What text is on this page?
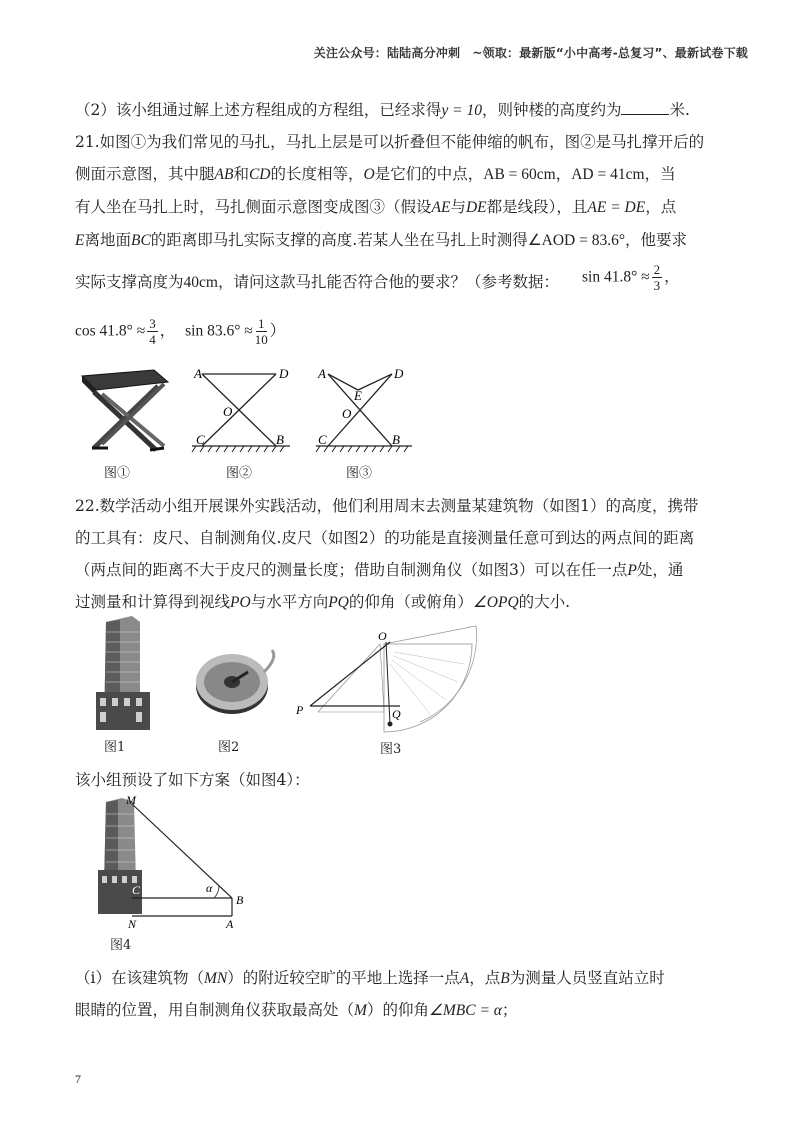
关注公众号：陆陆高分冲刺　~领取：最新版“小中高考-总复习”、最新试卷下载
（2）该小组通过解上述方程组成的方程组，已经求得y = 10，则钟楼的高度约为	米.
21.如图①为我们常见的马扎，马扎上层是可以折叠但不能伸缩的帆布，图②是马扎撑开后的
侧面示意图，其中腿AB和CD的长度相等，O是它们的中点，AB = 60cm，AD = 41cm，当
有人坐在马扎上时，马扎侧面示意图变成图③（假设AE与DE都是线段），且AE = DE，点
E离地面BC的距离即马扎实际支撑的高度.若某人坐在马扎上时测得∠AOD = 83.6°，他要求
实际支撑高度为40cm，请问这款马扎能否符合他的要求？（参考数据： $\sin 41.8^\circ \approx \frac{2}{3}$ ，
$\cos 41.8^\circ \approx \frac{3}{4}$ ，  $\sin 83.6^\circ \approx \frac{1}{10}$ ）
图①
A	D
O
C	B
图②
A	D
E
O
C	B
图③
22.数学活动小组开展课外实践活动，他们利用周末去测量某建筑物（如图1）的高度，携带
的工具有：皮尺、自制测角仪.皮尺（如图2）的功能是直接测量任意可到达的两点间的距离
（两点间的距离不大于皮尺的测量长度；借助自制测角仪（如图3）可以在任一点P处，通
过测量和计算得到视线PO与水平方向PQ的仰角（或俯角）∠OPQ的大小.
图1	图2
O
P	Q
图3
该小组预设了如下方案（如图4）：
M
C	α
B
N	A
图4
（ⅰ）在该建筑物（MN）的附近较空旷的平地上选择一点A，点B为测量人员竖直站立时
眼睛的位置，用自制测角仪获取最高处（M）的仰角∠MBC = α；
7
